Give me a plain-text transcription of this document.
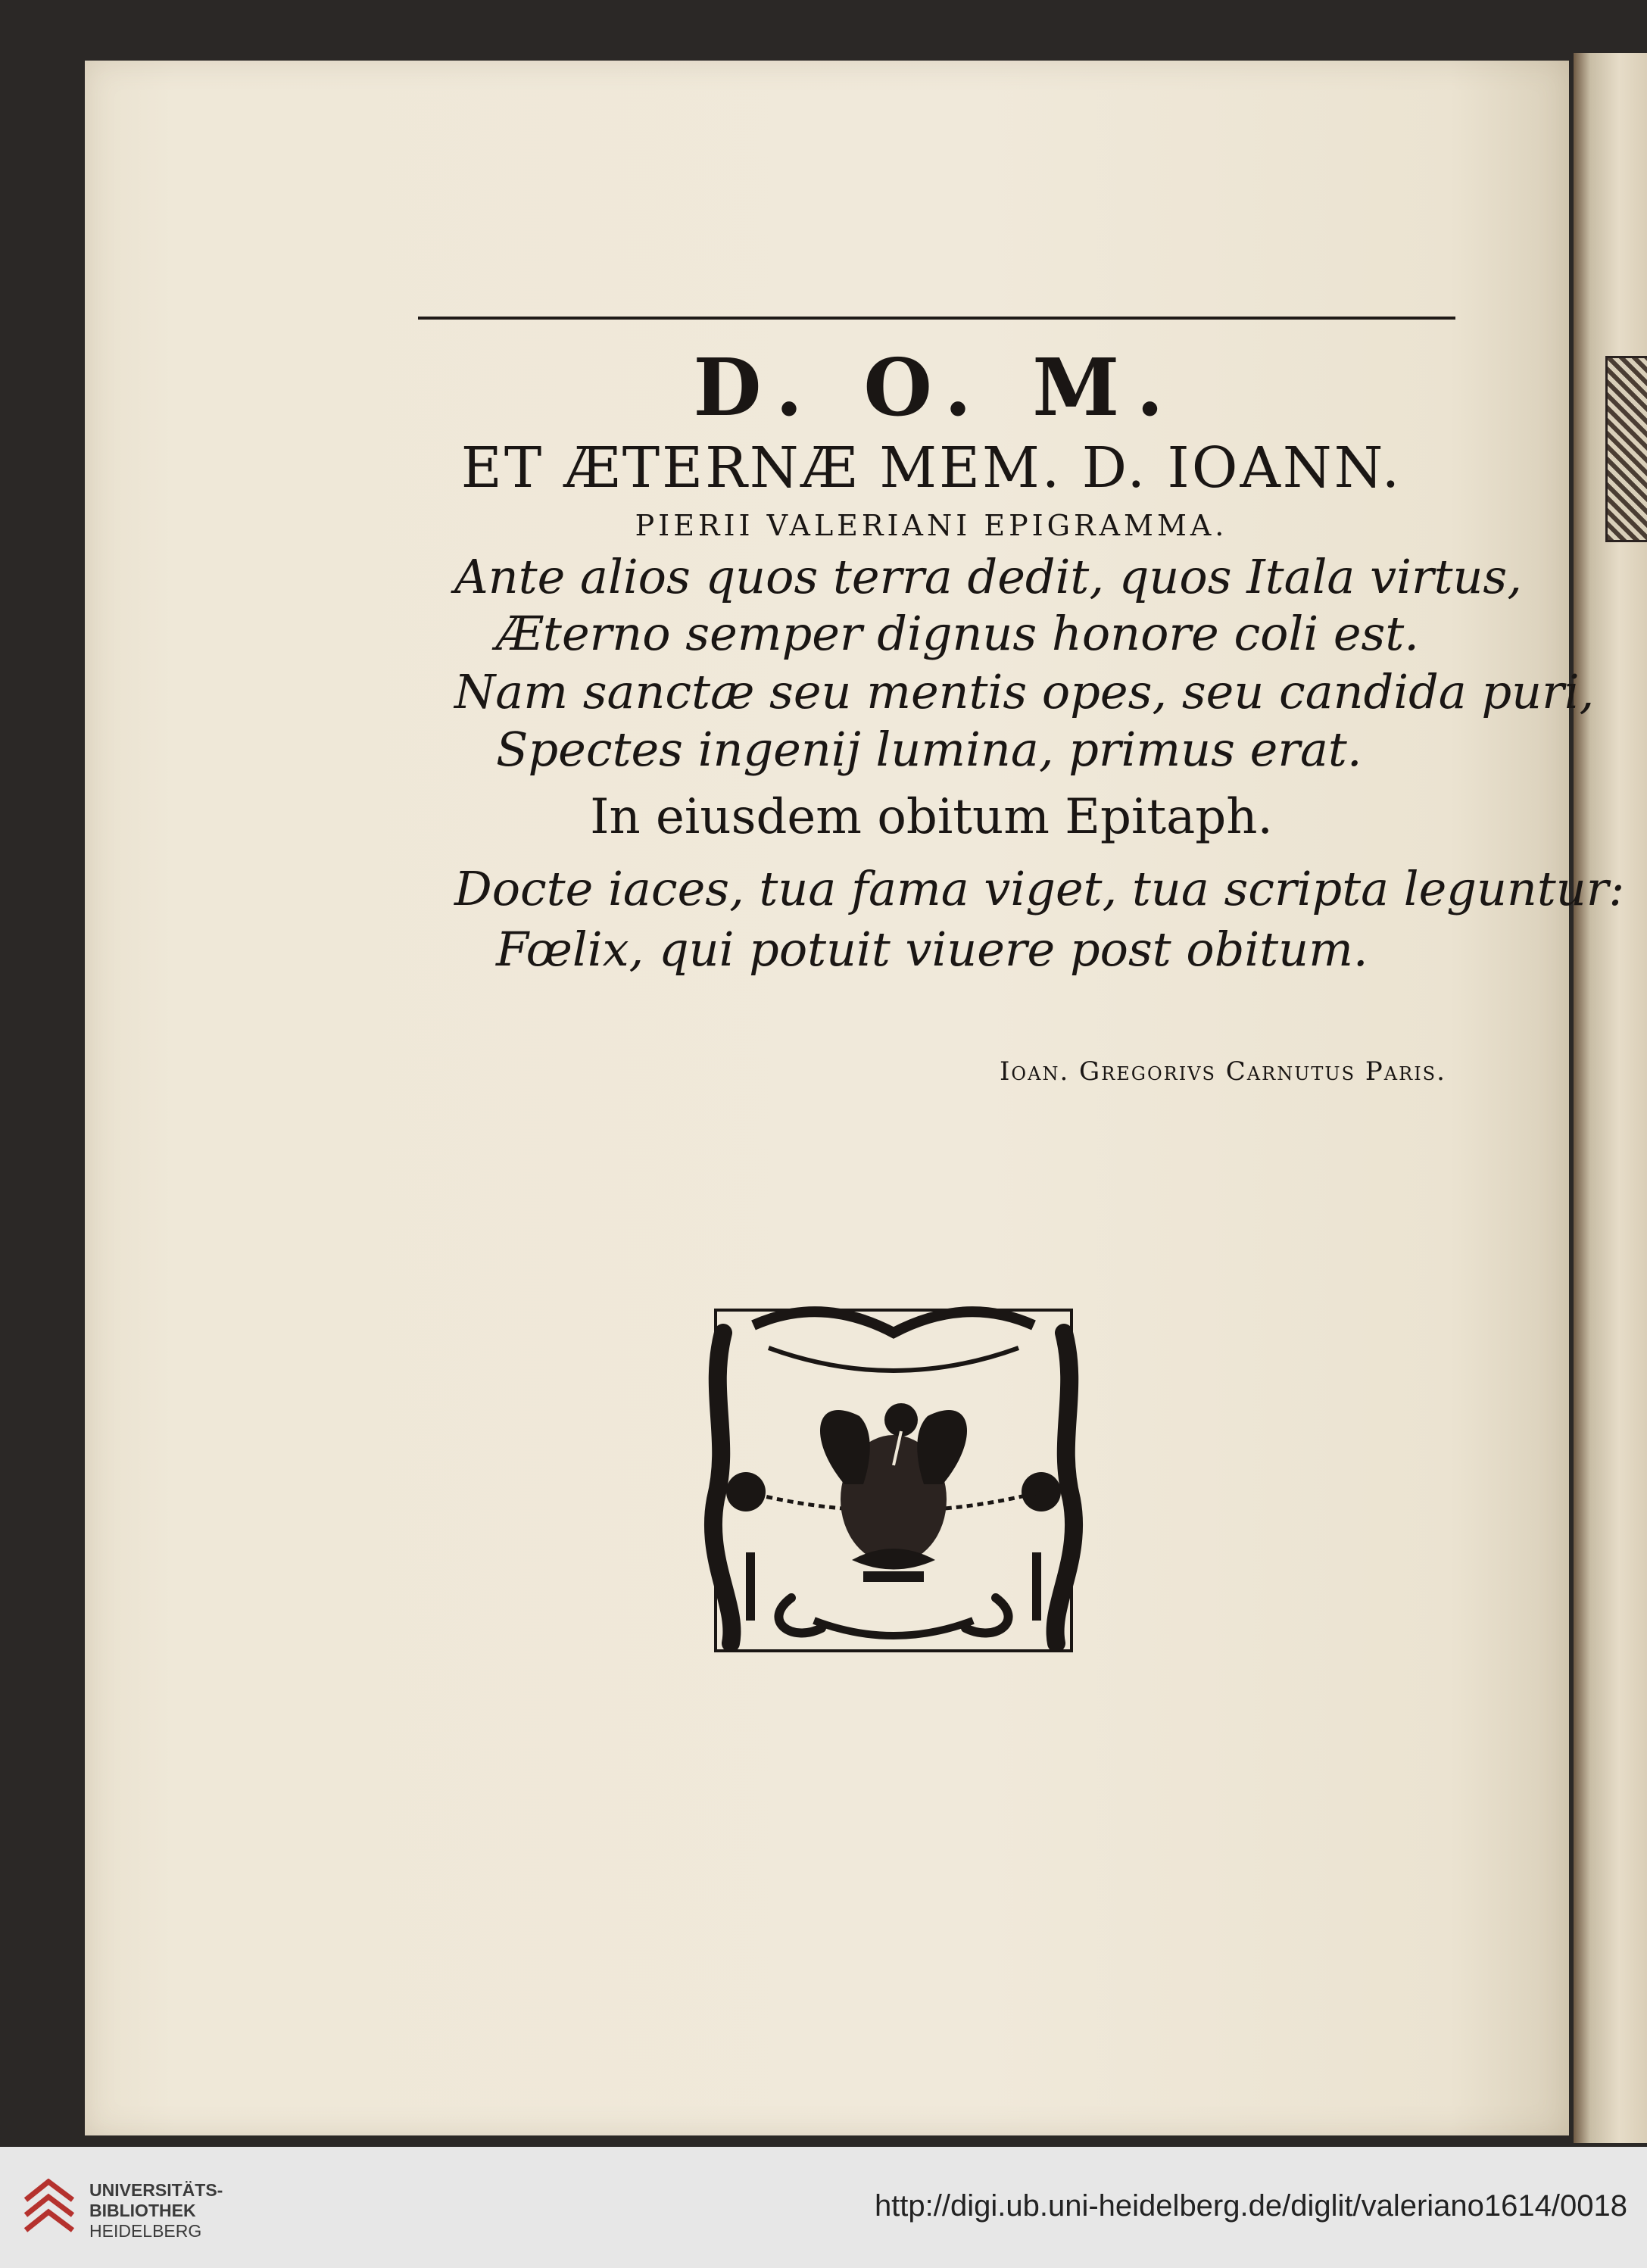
D. O. M.
ET ÆTERNÆ MEM. D. IOANN.
PIERII VALERIANI EPIGRAMMA.
Ante alios quos terra dedit, quos Itala virtus,
Æterno semper dignus honore coli est.
Nam sanctæ seu mentis opes, seu candida puri,
Spectes ingenij lumina, primus erat.
In eiusdem obitum Epitaph.
Docte iaces, tua fama viget, tua scripta leguntur:
Fœlix, qui potuit viuere post obitum.
Ioan. Gregorivs Carnutus Paris.
UNIVERSITÄTS-
BIBLIOTHEK
HEIDELBERG
http://digi.ub.uni-heidelberg.de/diglit/valeriano1614/0018
